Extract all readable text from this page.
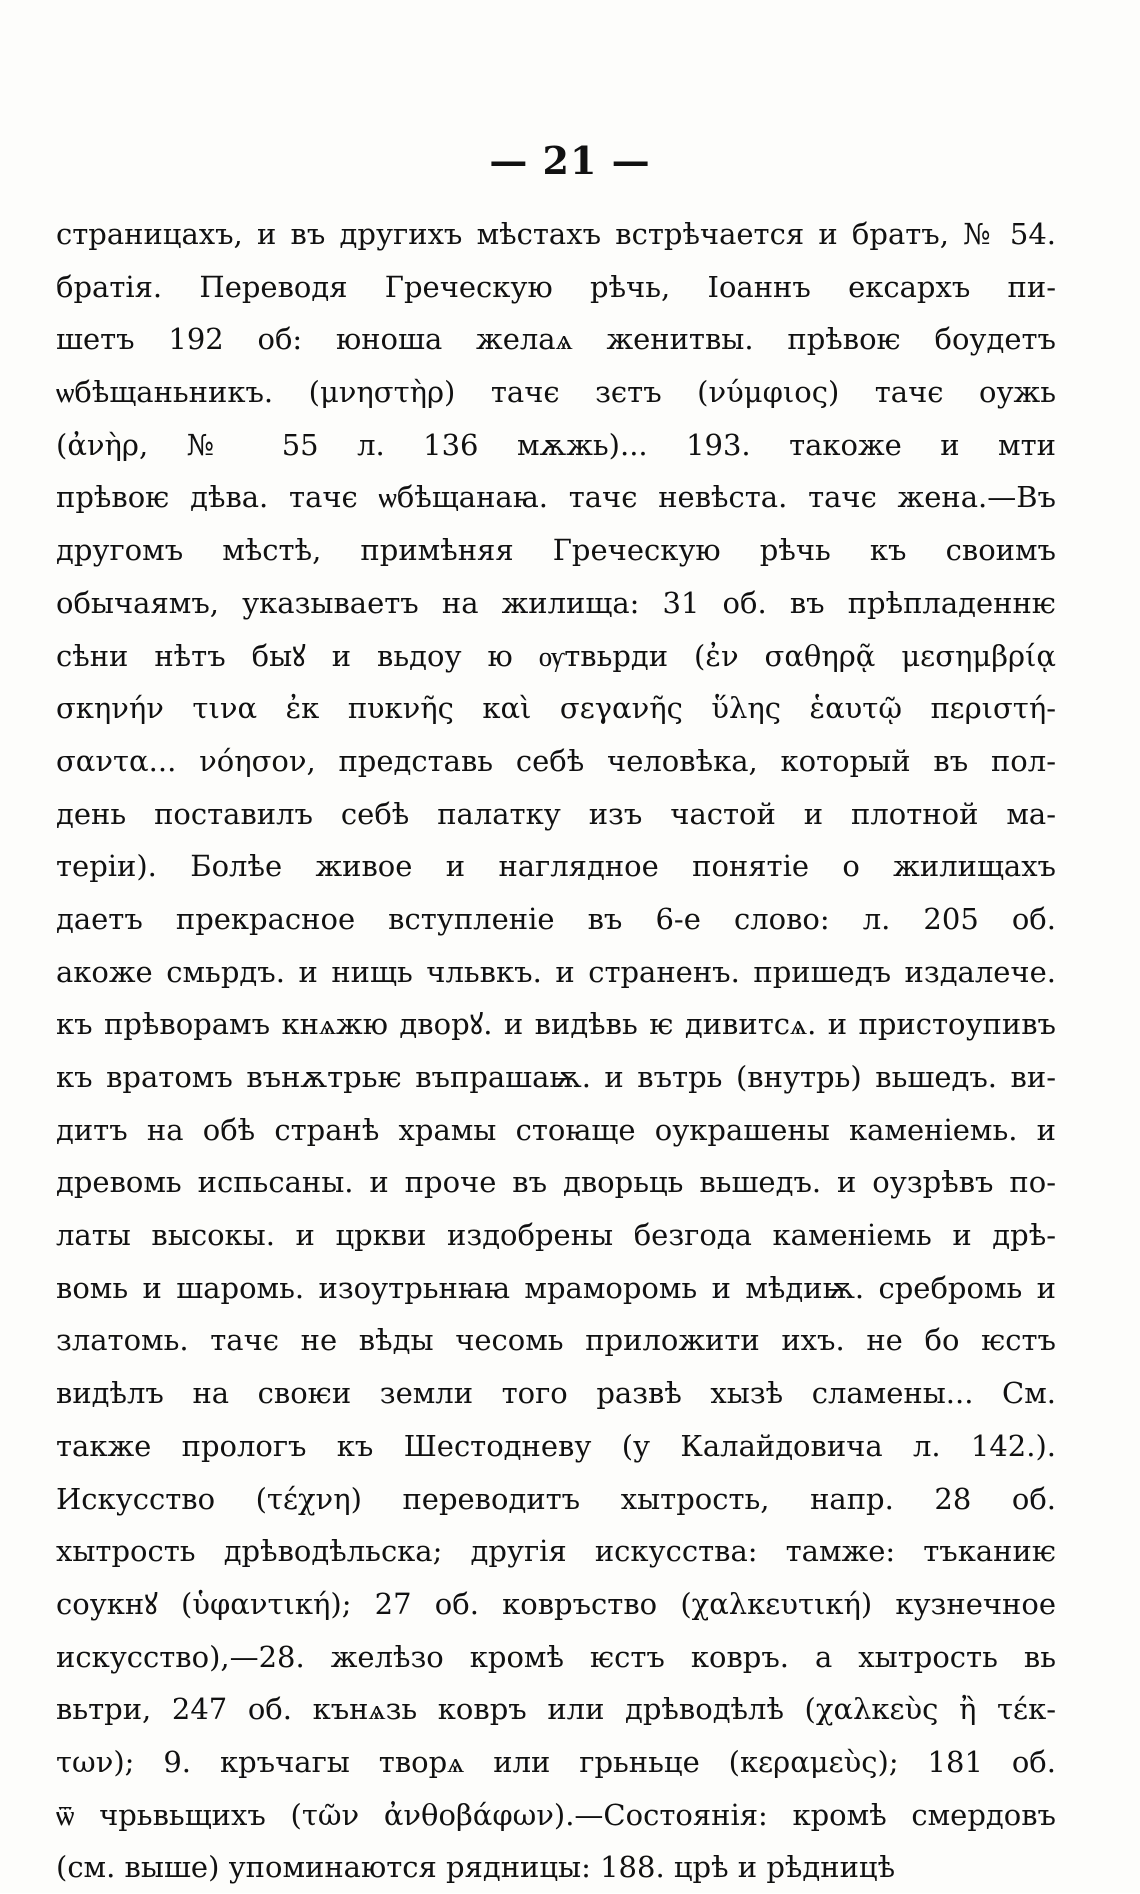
— 21 —
страницахъ, и въ другихъ мѣстахъ встрѣчается и братъ, № 54.
братія. Переводя Греческую рѣчь, Іоаннъ ексархъ пи-
шетъ 192 об: юноша желаѧ женитвы. прѣвоѥ боудетъ
ѡбѣщаньникъ. (μνηστὴρ) тачє зєтъ (νύμφιος) тачє оужь
(ἀνὴρ, № 55 л. 136 мѫжь)... 193. такоже и мти
прѣвоѥ дѣва. тачє ѡбѣщанаꙗ. тачє невѣста. тачє жена.—Въ
другомъ мѣстѣ, примѣняя Греческую рѣчь къ своимъ
обычаямъ, указываетъ на жилища: 31 об. въ прѣпладеннѥ
сѣни нѣтъ быꙋ и вьдоу ю ѹтвьрди (ἐν σαθηρᾷ μεσημβρίᾳ
σκηνήν τινα ἐκ πυκνῆς καὶ σεγανῆς ὕλης ἑαυτῷ περιστή-
σαντα... νόησον, представь себѣ человѣка, который въ пол-
день поставилъ себѣ палатку изъ частой и плотной ма-
теріи). Болѣе живое и наглядное понятіе о жилищахъ
даетъ прекрасное вступленіе въ 6-е слово: л. 205 об.
акоже смьрдъ. и нищь чльвкъ. и страненъ. пришедъ издалече.
къ прѣворамъ кнѧжю дворꙋ. и видѣвь ѥ дивитсѧ. и пристоупивъ
къ вратомъ вънѫтрьѥ въпрашаѭ. и вътрь (внутрь) вьшедъ. ви-
дитъ на обѣ странѣ храмы стоꙗще оукрашены каменіемь. и
древомь испьсаны. и проче въ дворьць вьшедъ. и оузрѣвъ по-
латы высокы. и цркви издобрены безгода каменіемь и дрѣ-
вомь и шаромь. изоутрьнꙗꙗ мраморомь и мѣдиѭ. сребромь и
златомь. тачє не вѣды чесомь приложити ихъ. не бо ѥстъ
видѣлъ на своѥи земли того развѣ хызѣ сламены... См.
также прологъ къ Шестодневу (у Калайдовича л. 142.).
Искусство (τέχνη) переводитъ хытрость, напр. 28 об.
хытрость дрѣводѣльска; другія искусства: тамже: тъканиѥ
соукнꙋ (ὑφαντική); 27 об. ковръство (χαλκευτική) кузнечное
искусство),—28. желѣзо кромѣ ѥстъ ковръ. а хытрость вь
вьтри, 247 об. кънѧзь ковръ или дрѣводѣлѣ (χαλκεὺς ἢ τέκ-
των); 9. кръчагы творѧ или грьньце (κεραμεὺς); 181 об.
ѿ чрьвьщихъ (τῶν ἀνθοβάφων).—Состоянія: кромѣ смердовъ
(см. выше) упоминаются рядницы: 188. црѣ и рѣдницѣ
